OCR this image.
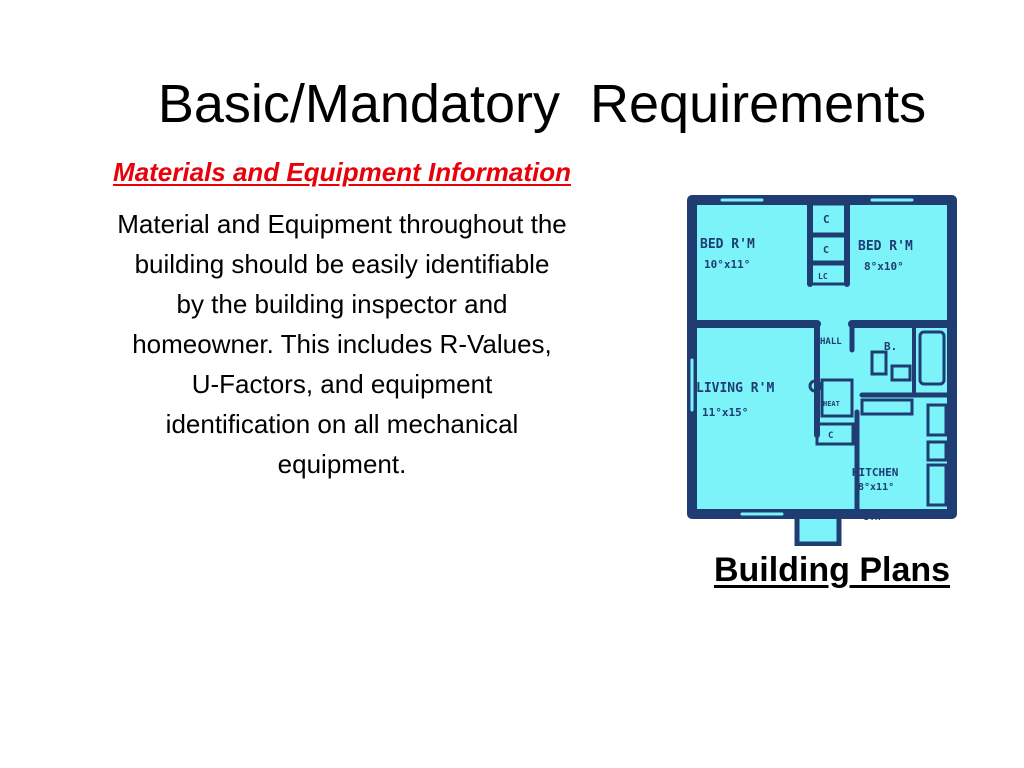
Basic/Mandatory  Requirements
Materials and Equipment Information

Material and Equipment throughout the
building should be easily identifiable
by the building inspector and
homeowner. This includes R-Values,
U-Factors, and equipment
identification on all mechanical
equipment.

BED R'M
10°x11°
BED R'M
8°x10°
HALL	B.
LIVING R'M
11°x15°
HEAT
KITCHEN
8°x11°
D.R
C
C
LC
C
Building Plans
